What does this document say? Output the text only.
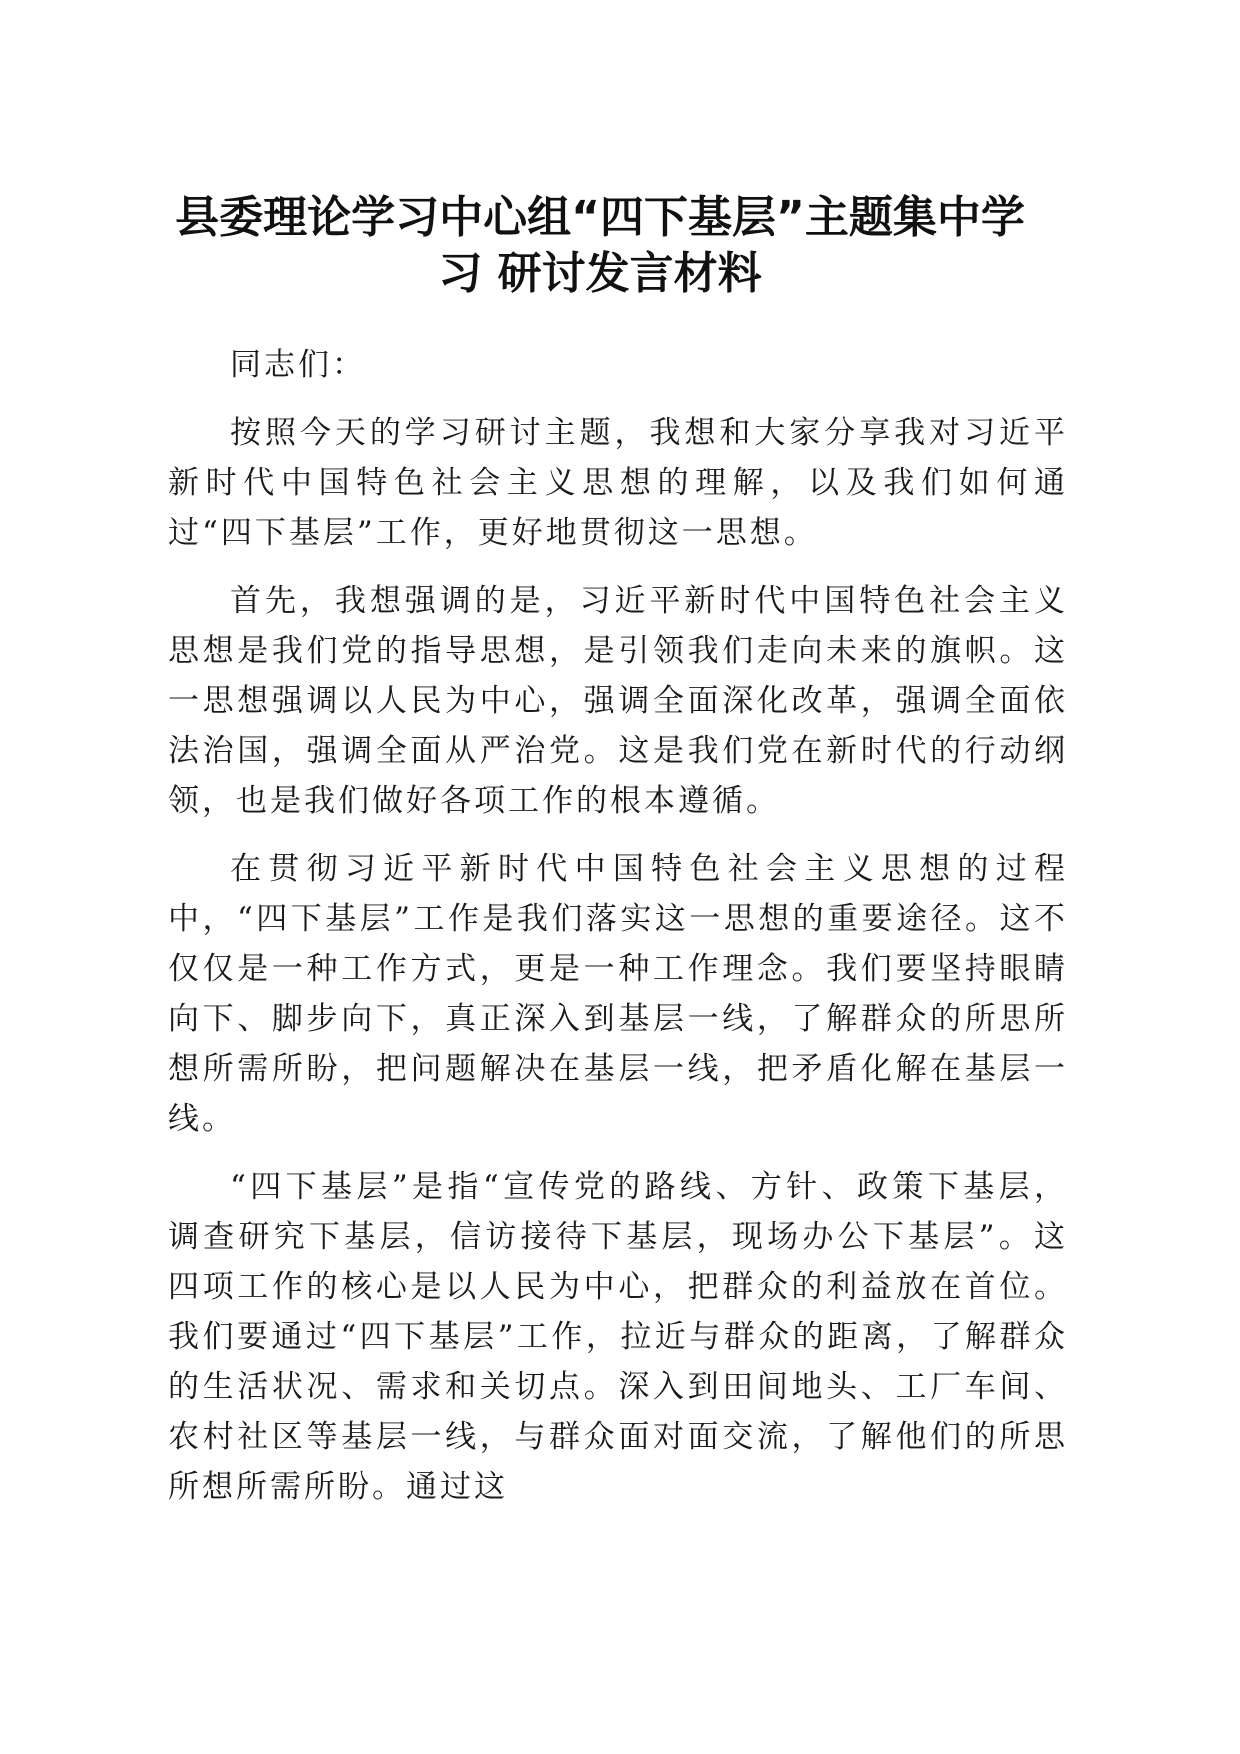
县委理论学习中心组“四下基层”主题集中学
习 研讨发言材料

同志们：

按照今天的学习研讨主题，我想和大家分享我对习近平新时代中国特色社会主义思想的理解，以及我们如何通过“四下基层”工作，更好地贯彻这一思想。

首先，我想强调的是，习近平新时代中国特色社会主义思想是我们党的指导思想，是引领我们走向未来的旗帜。这一思想强调以人民为中心，强调全面深化改革，强调全面依法治国，强调全面从严治党。这是我们党在新时代的行动纲领，也是我们做好各项工作的根本遵循。

在贯彻习近平新时代中国特色社会主义思想的过程中，“四下基层”工作是我们落实这一思想的重要途径。这不仅仅是一种工作方式，更是一种工作理念。我们要坚持眼睛向下、脚步向下，真正深入到基层一线，了解群众的所思所想所需所盼，把问题解决在基层一线，把矛盾化解在基层一线。

“四下基层”是指“宣传党的路线、方针、政策下基层，调查研究下基层，信访接待下基层，现场办公下基层”。这四项工作的核心是以人民为中心，把群众的利益放在首位。我们要通过“四下基层”工作，拉近与群众的距离，了解群众的生活状况、需求和关切点。深入到田间地头、工厂车间、农村社区等基层一线，与群众面对面交流，了解他们的所思所想所需所盼。通过这
